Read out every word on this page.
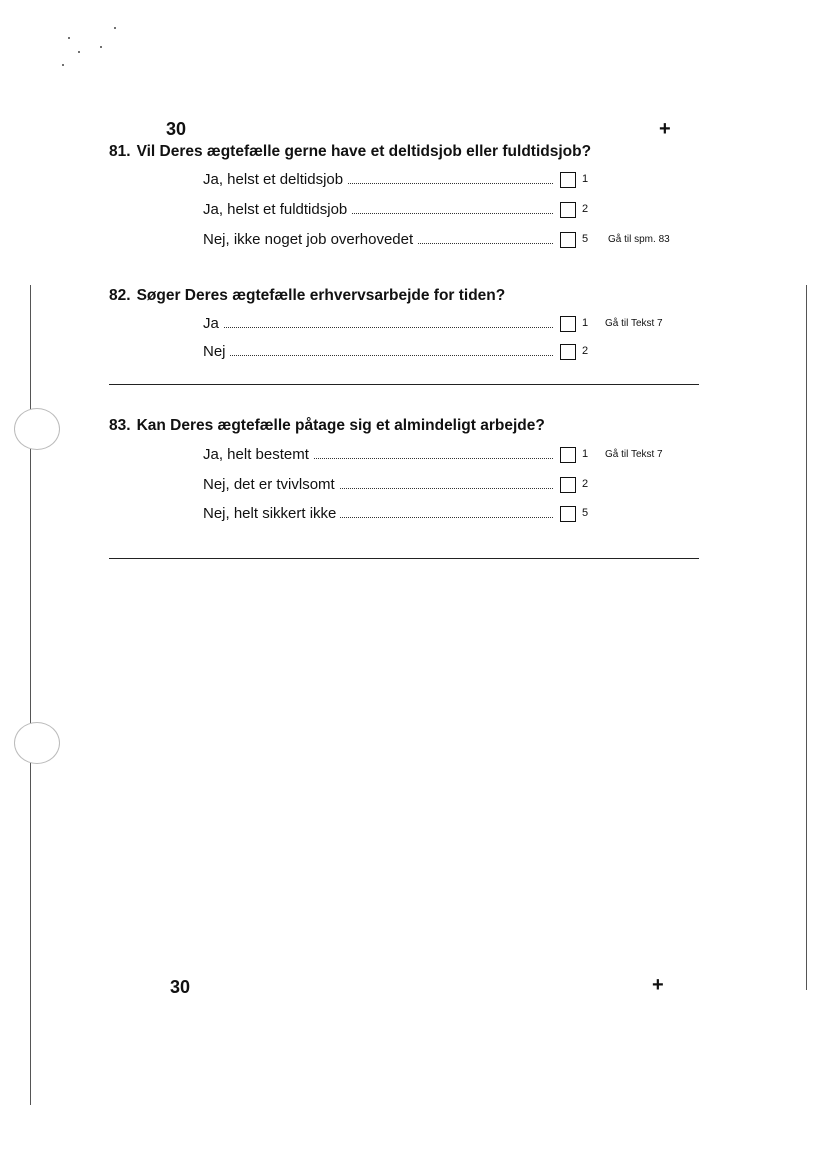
30	+

81. Vil Deres ægtefælle gerne have et deltidsjob eller fuldtidsjob?

Ja, helst et deltidsjob	1
Ja, helst et fuldtidsjob	2
Nej, ikke noget job overhovedet	5 Gå til spm. 83

82. Søger Deres ægtefælle erhvervsarbejde for tiden?

Ja	1 Gå til Tekst 7
Nej	2

83. Kan Deres ægtefælle påtage sig et almindeligt arbejde?

Ja, helt bestemt	1 Gå til Tekst 7
Nej, det er tvivlsomt	2
Nej, helt sikkert ikke	5
30	+
